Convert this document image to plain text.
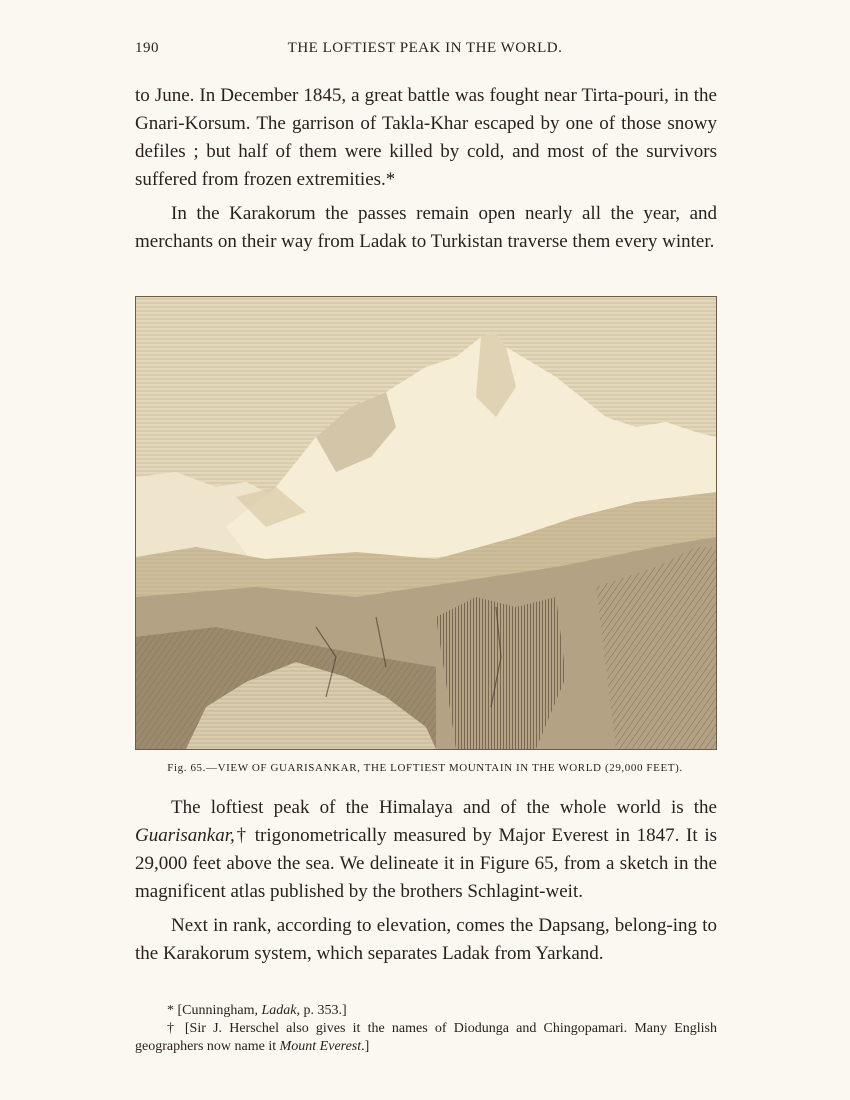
190	THE LOFTIEST PEAK IN THE WORLD.

to June. In December 1845, a great battle was fought near Tirta-pouri, in the Gnari-Korsum. The garrison of Takla-Khar escaped by one of those snowy defiles ; but half of them were killed by cold, and most of the survivors suffered from frozen extremities.*

In the Karakorum the passes remain open nearly all the year, and merchants on their way from Ladak to Turkistan traverse them every winter.

Fig. 65.—VIEW OF GUARISANKAR, THE LOFTIEST MOUNTAIN IN THE WORLD (29,000 FEET).

The loftiest peak of the Himalaya and of the whole world is the Guarisankar,† trigonometrically measured by Major Everest in 1847. It is 29,000 feet above the sea. We delineate it in Figure 65, from a sketch in the magnificent atlas published by the brothers Schlagint-weit.

Next in rank, according to elevation, comes the Dapsang, belong-ing to the Karakorum system, which separates Ladak from Yarkand.

* [Cunningham, Ladak, p. 353.]

† [Sir J. Herschel also gives it the names of Diodunga and Chingopamari. Many English geographers now name it Mount Everest.]
